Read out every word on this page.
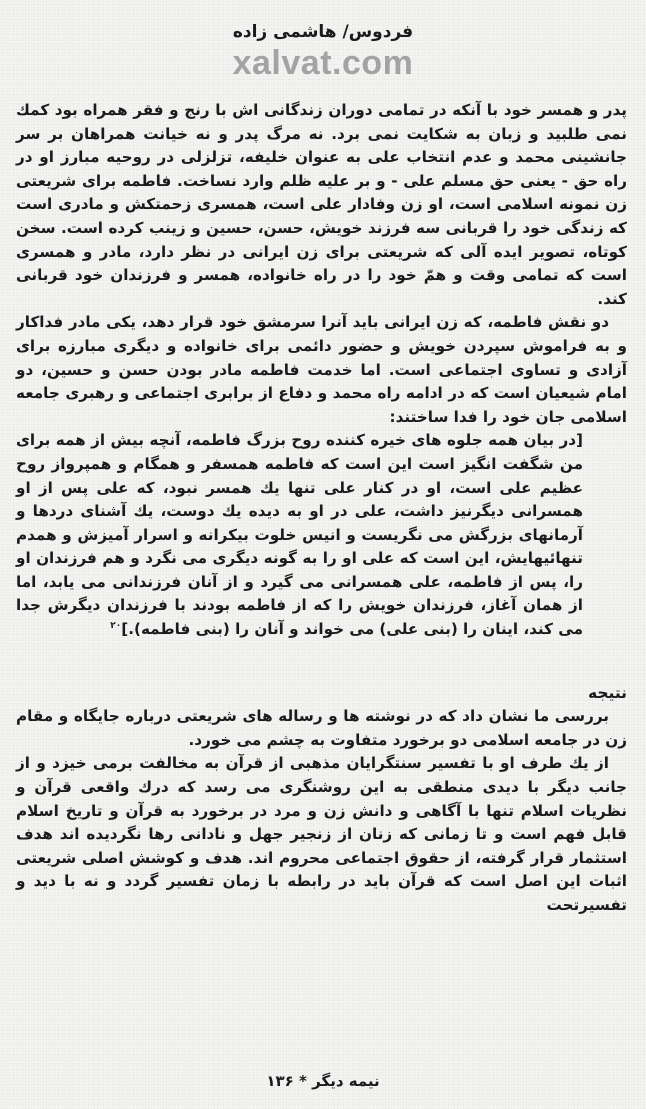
فردوس/ هاشمی زاده
xalvat.com

پدر و همسر خود با آنکه در تمامی دوران زندگانی اش با رنج و فقر همراه بود کمك نمی طلبید و زبان به شکایت نمی برد. نه مرگ پدر و نه خیانت همراهان بر سر جانشینی محمد و عدم انتخاب علی به عنوان خلیفه، تزلزلی در روحیه مبارز او در راه حق - یعنی حق مسلم علی - و بر علیه ظلم وارد نساخت. فاطمه برای شریعتی زن نمونه اسلامی است، او زن وفادار علی است، همسری زحمتکش و مادری است که زندگی خود را قربانی سه فرزند خویش، حسن، حسین و زینب کرده است. سخن کوتاه، تصویر ایده آلی که شریعتی برای زن ایرانی در نظر دارد، مادر و همسری است که تمامی وقت و همّ خود را در راه خانواده، همسر و فرزندان خود قربانی کند.

دو نقش فاطمه، که زن ایرانی باید آنرا سرمشق خود قرار دهد، یکی مادر فداکار و به فراموش سپردن خویش و حضور دائمی برای خانواده و دیگری مبارزه برای آزادی و تساوی اجتماعی است. اما خدمت فاطمه مادر بودن حسن و حسین، دو امام شیعیان است که در ادامه راه محمد و دفاع از برابری اجتماعی و رهبری جامعه اسلامی جان خود را فدا ساختند:

[در بیان همه جلوه های خیره کننده روح بزرگ فاطمه، آنچه بیش از همه برای من شگفت انگیز است این است که فاطمه همسفر و همگام و همپرواز روح عظیم علی است، او در کنار علی تنها یك همسر نبود، که علی پس از او همسرانی دیگرنیز داشت، علی در او به دیده یك دوست، یك آشنای دردها و آرمانهای بزرگش می نگریست و انیس خلوت بیکرانه و اسرار آمیزش و همدم تنهائیهایش، این است که علی او را به گونه دیگری می نگرد و هم فرزندان او را، پس از فاطمه، علی همسرانی می گیرد و از آنان فرزندانی می یابد، اما از همان آغاز، فرزندان خویش را که از فاطمه بودند با فرزندان دیگرش جدا می کند، اینان را (بنی علی) می خواند و آنان را (بنی فاطمه).]$^{۲۰}$

نتیجه

بررسی ما نشان داد که در نوشته ها و رساله های شریعتی درباره جایگاه و مقام زن در جامعه اسلامی دو برخورد متفاوت به چشم می خورد.

از یك طرف او با تفسیر سنتگرایان مذهبی از قرآن به مخالفت برمی خیزد و از جانب دیگر با دیدی منطقی به این روشنگری می رسد که درك واقعی قرآن و نظریات اسلام تنها با آگاهی و دانش زن و مرد در برخورد به قرآن و تاریخ اسلام قابل فهم است و تا زمانی که زنان از زنجیر جهل و نادانی رها نگردیده اند هدف استثمار قرار گرفته، از حقوق اجتماعی محروم اند. هدف و کوشش اصلی شریعتی اثبات این اصل است که قرآن باید در رابطه با زمان تفسیر گردد و نه با دید و تفسیرتحت

نیمه دیگر * ۱۳۶
